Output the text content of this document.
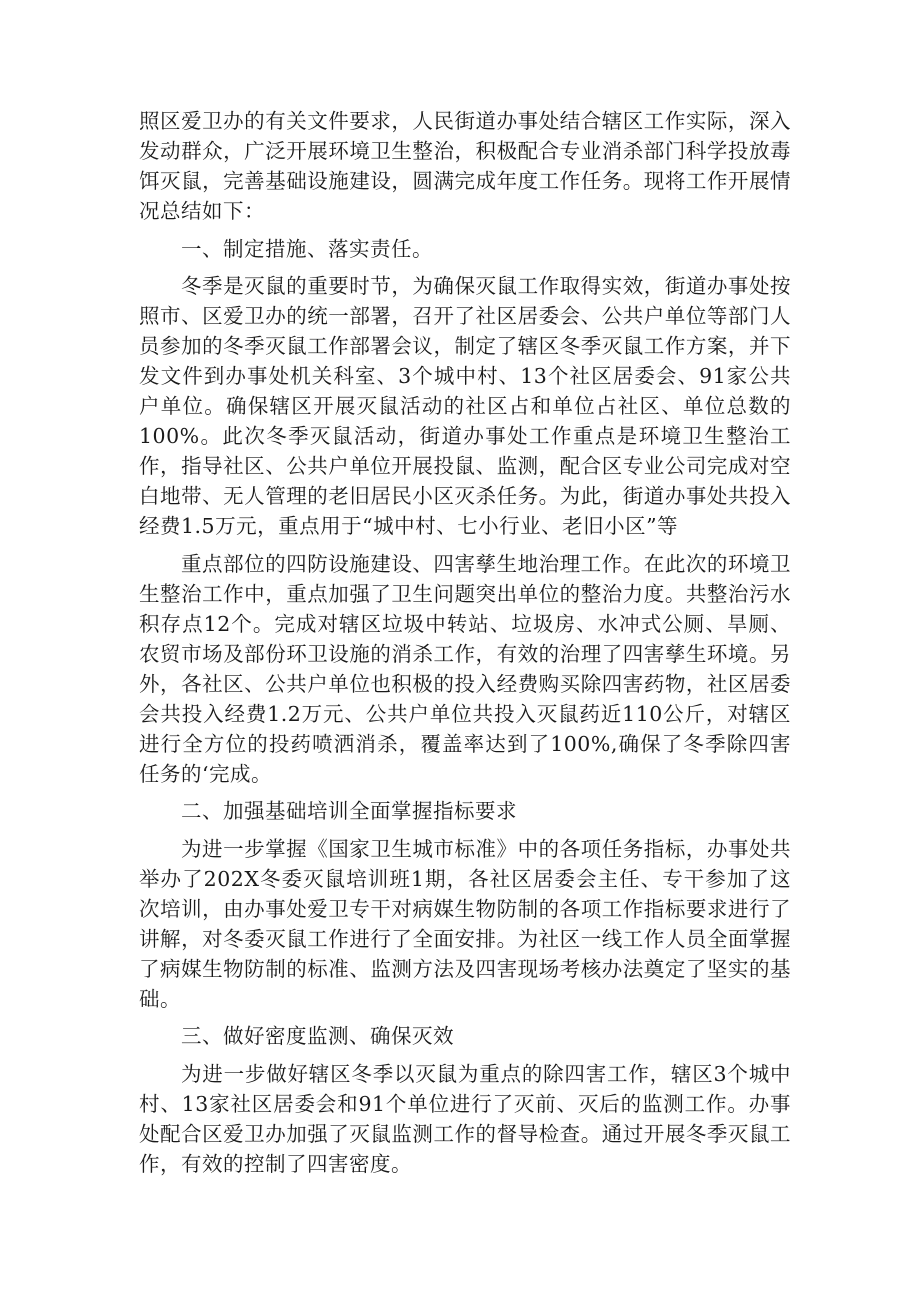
照区爱卫办的有关文件要求，人民街道办事处结合辖区工作实际，深入发动群众，广泛开展环境卫生整治，积极配合专业消杀部门科学投放毒饵灭鼠，完善基础设施建设，圆满完成年度工作任务。现将工作开展情况总结如下：

一、制定措施、落实责任。

冬季是灭鼠的重要时节，为确保灭鼠工作取得实效，街道办事处按照市、区爱卫办的统一部署，召开了社区居委会、公共户单位等部门人员参加的冬季灭鼠工作部署会议，制定了辖区冬季灭鼠工作方案，并下发文件到办事处机关科室、3个城中村、13个社区居委会、91家公共户单位。确保辖区开展灭鼠活动的社区占和单位占社区、单位总数的100%。此次冬季灭鼠活动，街道办事处工作重点是环境卫生整治工作，指导社区、公共户单位开展投鼠、监测，配合区专业公司完成对空白地带、无人管理的老旧居民小区灭杀任务。为此，街道办事处共投入经费1.5万元，重点用于“城中村、七小行业、老旧小区”等

重点部位的四防设施建设、四害孳生地治理工作。在此次的环境卫生整治工作中，重点加强了卫生问题突出单位的整治力度。共整治污水积存点12个。完成对辖区垃圾中转站、垃圾房、水冲式公厕、旱厕、农贸市场及部份环卫设施的消杀工作，有效的治理了四害孳生环境。另外，各社区、公共户单位也积极的投入经费购买除四害药物，社区居委会共投入经费1.2万元、公共户单位共投入灭鼠药近110公斤，对辖区进行全方位的投药喷洒消杀，覆盖率达到了100%,确保了冬季除四害任务的‘完成。

二、加强基础培训全面掌握指标要求

为进一步掌握《国家卫生城市标准》中的各项任务指标，办事处共举办了202X冬委灭鼠培训班1期，各社区居委会主任、专干参加了这次培训，由办事处爱卫专干对病媒生物防制的各项工作指标要求进行了讲解，对冬委灭鼠工作进行了全面安排。为社区一线工作人员全面掌握了病媒生物防制的标准、监测方法及四害现场考核办法奠定了坚实的基础。

三、做好密度监测、确保灭效

为进一步做好辖区冬季以灭鼠为重点的除四害工作，辖区3个城中村、13家社区居委会和91个单位进行了灭前、灭后的监测工作。办事处配合区爱卫办加强了灭鼠监测工作的督导检查。通过开展冬季灭鼠工作，有效的控制了四害密度。
